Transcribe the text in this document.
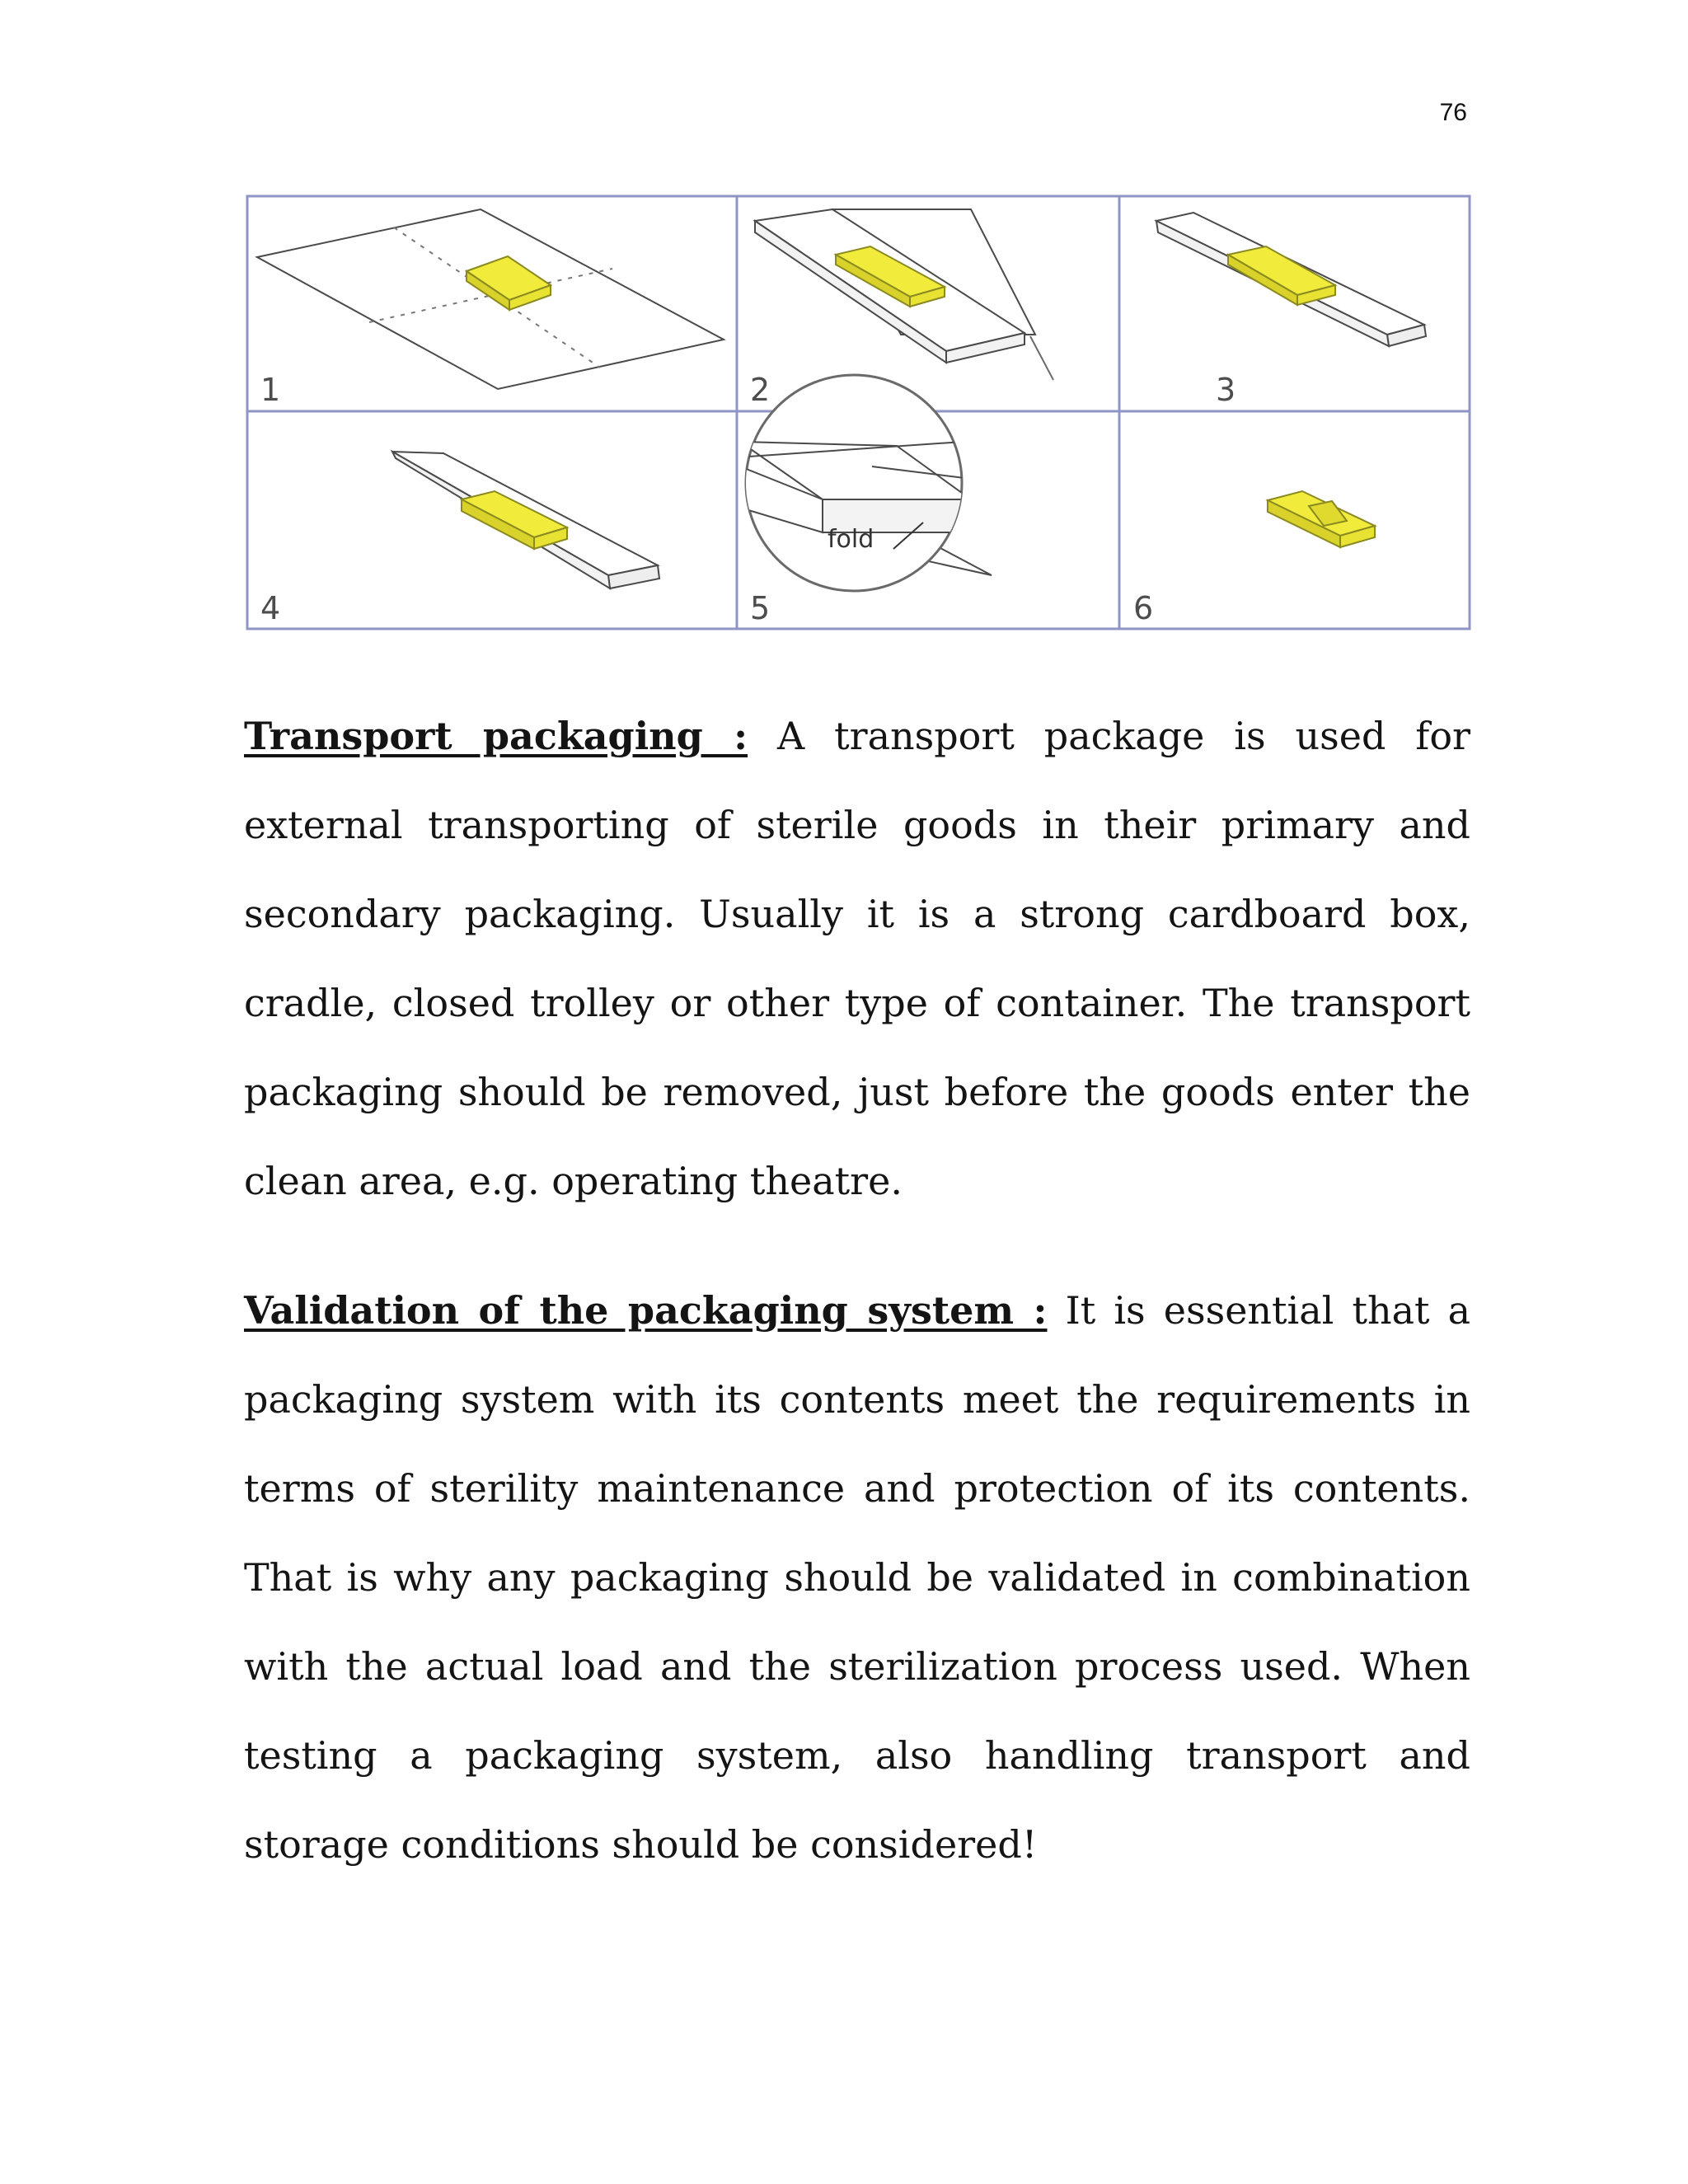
76
fold
1	2	3
4	5	6

Transport packaging : A transport package is used for external transporting of sterile goods in their primary and secondary packaging. Usually it is a strong cardboard box, cradle, closed trolley or other type of container. The transport packaging should be removed, just before the goods enter the clean area, e.g. operating theatre.

Validation of the packaging system : It is essential that a packaging system with its contents meet the requirements in terms of sterility maintenance and protection of its contents. That is why any packaging should be validated in combination with the actual load and the sterilization process used. When testing a packaging system, also handling transport and storage conditions should be considered!
